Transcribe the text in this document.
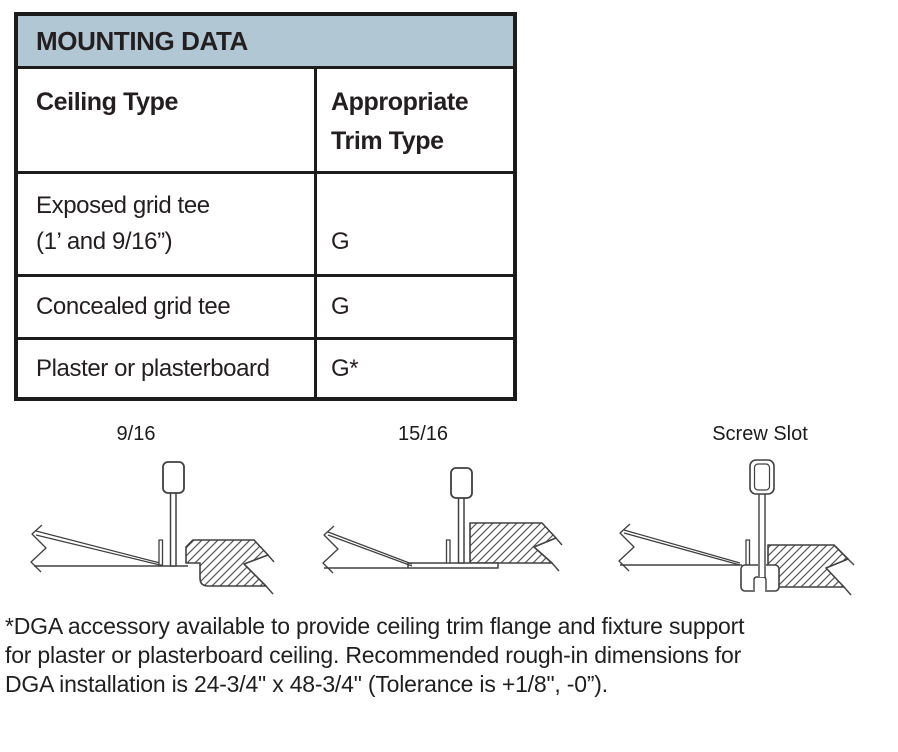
MOUNTING DATA
Ceiling Type	Appropriate
Trim Type
Exposed grid tee
(1’ and 9/16”)	G
Concealed grid tee	G
Plaster or plasterboard	G*
9/16	15/16	Screw Slot
*DGA accessory available to provide ceiling trim flange and fixture support
for plaster or plasterboard ceiling. Recommended rough-in dimensions for
DGA installation is 24-3/4" x 48-3/4" (Tolerance is +1/8", -0”).
